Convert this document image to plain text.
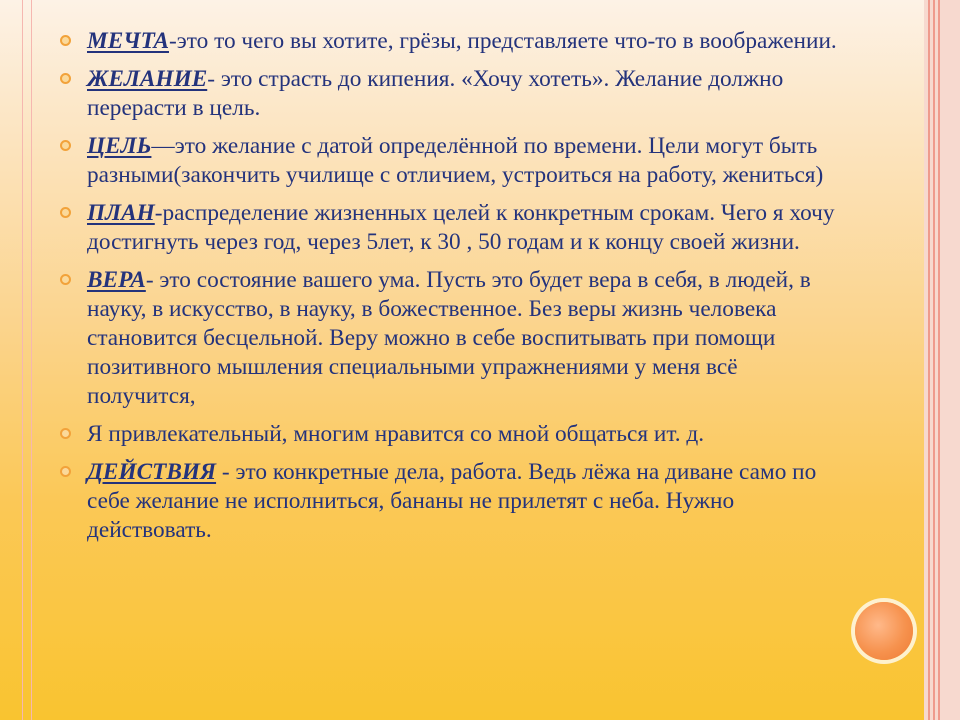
МЕЧТА-это то чего вы хотите, грёзы, представляете что-то в воображении.
ЖЕЛАНИЕ- это страсть до кипения. «Хочу хотеть». Желание должно перерасти в цель.
ЦЕЛЬ—это желание с датой определённой по времени. Цели могут быть разными(закончить училище с отличием, устроиться на работу, жениться)
ПЛАН-распределение жизненных целей к конкретным срокам. Чего я хочу достигнуть через год, через 5лет, к 30 , 50 годам и к концу своей жизни.
ВЕРА- это состояние вашего ума. Пусть это будет вера в себя, в людей, в науку, в искусство, в науку, в божественное. Без веры жизнь человека становится бесцельной. Веру можно в себе воспитывать при помощи позитивного мышления специальными упражнениями у меня всё получится,
Я привлекательный, многим нравится со мной общаться ит. д.
ДЕЙСТВИЯ - это конкретные дела, работа. Ведь лёжа на диване само по себе желание не исполниться, бананы не прилетят с неба. Нужно действовать.
